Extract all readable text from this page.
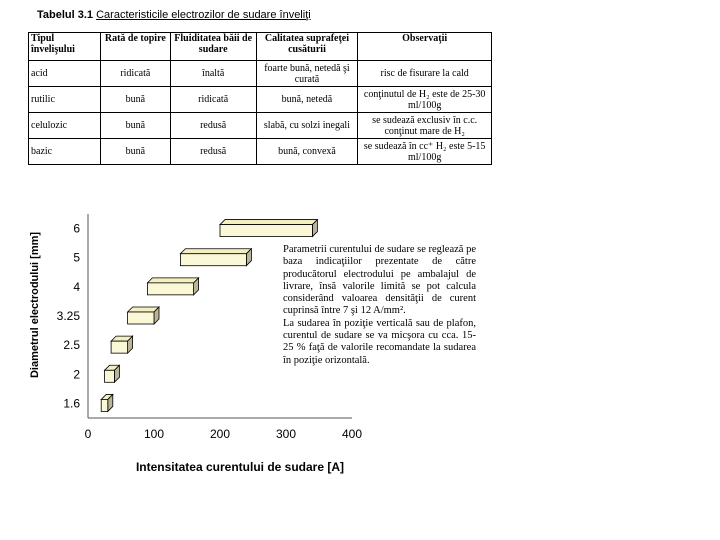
Tabelul 3.1 Caracteristicile electrozilor de sudare înveliţi
Tipul învelişului	Rată de topire	Fluiditatea băii de sudare	Calitatea suprafeţei cusăturii	Observaţii
acid	ridicată	înaltă	foarte bună, netedă şi curată	risc de fisurare la cald
rutilic	bună	ridicată	bună, netedă	conţinutul de H₂ este de 25-30 ml/100g
celulozic	bună	redusă	slabă, cu solzi inegali	se sudează exclusiv în c.c. conţinut mare de H₂
bazic	bună	redusă	bună, convexă	se sudează în cc⁺ H₂ este 5-15 ml/100g
0	100	200	300	400
1.6
2
2.5
3.25
4
5
6
Diametrul electrodului [mm]
Intensitatea curentului de sudare [A]

Parametrii curentului de sudare se reglează pe baza indicaţiilor prezentate de către producătorul electrodului pe ambalajul de livrare, însă valorile limită se pot calcula considerând valoarea densităţii de curent cuprinsă între 7 şi 12 A/mm².

La sudarea în poziţie verticală sau de plafon, curentul de sudare se va micşora cu cca. 15-25 % faţă de valorile recomandate la sudarea în poziţie orizontală.
